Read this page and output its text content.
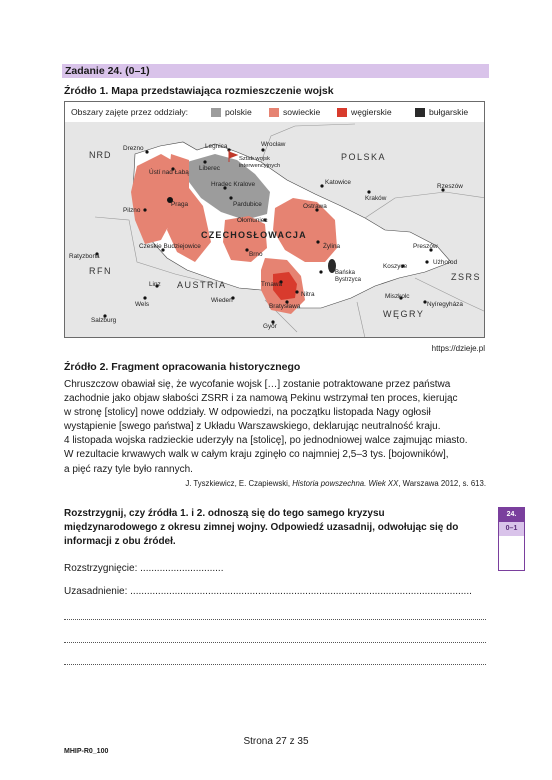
Zadanie 24. (0–1)
Źródło 1. Mapa przedstawiająca rozmieszczenie wojsk
Obszary zajęte przez oddziały:	polskie	sowieckie	węgierskie	bułgarskie
NRD	POLSKA
CZECHOSŁOWACJA
RFN
AUSTRIA
ZSRS
WĘGRY
Drezno	Legnica	Wrocław
Sztab wojsk
interwencyjnych
Ústí nad Łabą
Liberec
Hradec Kralove
Pardubice
Katowice
Kraków
Rzeszów
Pilzno
Praga	Ostrawa
Ołomuniec
Żylina
Brno
Czeskie Budziejowice
Ratyzbona
Preszów
Użhorod
Koszyce
Bańska
Bystrzyca
Linz
Wels
Wiedeń
Trnawa
Nitra
Bratysława
Miszkolc
Nyíregyháza
Salzburg
Győr
https://dzieje.pl
Źródło 2. Fragment opracowania historycznego

Chruszczow obawiał się, że wycofanie wojsk […] zostanie potraktowane przez państwa

zachodnie jako objaw słabości ZSRR i za namową Pekinu wstrzymał ten proces, kierując

w stronę [stolicy] nowe oddziały. W odpowiedzi, na początku listopada Nagy ogłosił

wystąpienie [swego państwa] z Układu Warszawskiego, deklarując neutralność kraju.

4 listopada wojska radzieckie uderzyły na [stolicę], po jednodniowej walce zajmując miasto.

W rezultacie krwawych walk w całym kraju zginęło co najmniej 2,5–3 tys. [bojowników],

a pięć razy tyle było rannych.

J. Tyszkiewicz, E. Czapiewski, Historia powszechna. Wiek XX, Warszawa 2012, s. 613.

Rozstrzygnij, czy źródła 1. i 2. odnoszą się do tego samego kryzysu

międzynarodowego z okresu zimnej wojny. Odpowiedź uzasadnij, odwołując się do

informacji z obu źródeł.

24.
0–1
Rozstrzygnięcie: ..............................
Uzasadnienie: ...........................................................................................................................
Strona 27 z 35
MHIP-R0_100
